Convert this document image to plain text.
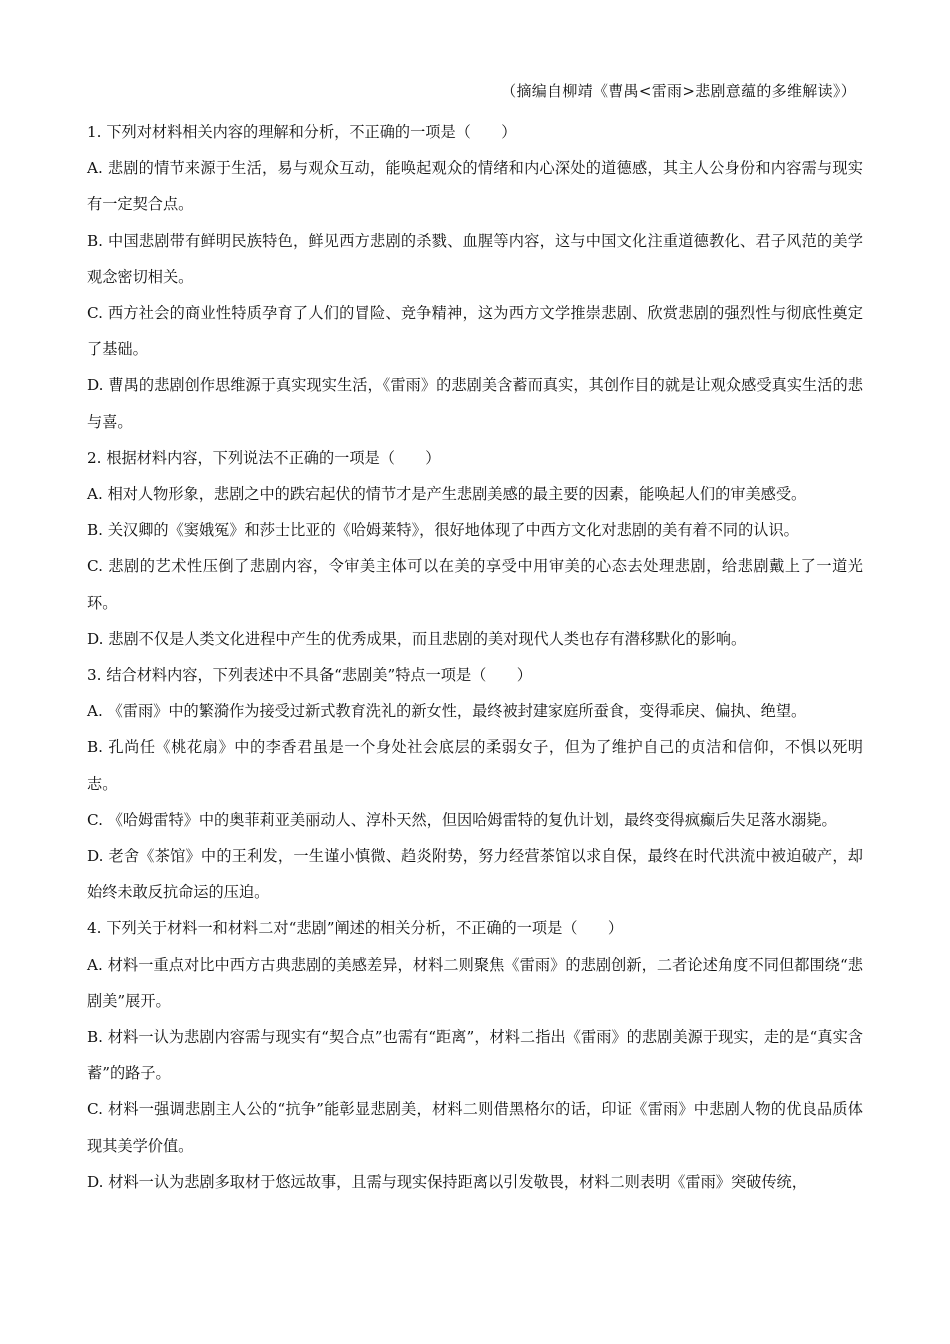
（摘编自柳靖《曹禺<雷雨>悲剧意蕴的多维解读》）

1. 下列对材料相关内容的理解和分析，不正确的一项是（　　）

A. 悲剧的情节来源于生活，易与观众互动，能唤起观众的情绪和内心深处的道德感，其主人公身份和内容需与现实有一定契合点。

B. 中国悲剧带有鲜明民族特色，鲜见西方悲剧的杀戮、血腥等内容，这与中国文化注重道德教化、君子风范的美学观念密切相关。

C. 西方社会的商业性特质孕育了人们的冒险、竞争精神，这为西方文学推崇悲剧、欣赏悲剧的强烈性与彻底性奠定了基础。

D. 曹禺的悲剧创作思维源于真实现实生活，《雷雨》的悲剧美含蓄而真实，其创作目的就是让观众感受真实生活的悲与喜。

2. 根据材料内容，下列说法不正确的一项是（　　）

A. 相对人物形象，悲剧之中的跌宕起伏的情节才是产生悲剧美感的最主要的因素，能唤起人们的审美感受。

B. 关汉卿的《窦娥冤》和莎士比亚的《哈姆莱特》，很好地体现了中西方文化对悲剧的美有着不同的认识。

C. 悲剧的艺术性压倒了悲剧内容，令审美主体可以在美的享受中用审美的心态去处理悲剧，给悲剧戴上了一道光环。

D. 悲剧不仅是人类文化进程中产生的优秀成果，而且悲剧的美对现代人类也存有潜移默化的影响。

3. 结合材料内容，下列表述中不具备“悲剧美”特点一项是（　　）

A. 《雷雨》中的繁漪作为接受过新式教育洗礼的新女性，最终被封建家庭所蚕食，变得乖戾、偏执、绝望。

B. 孔尚任《桃花扇》中的李香君虽是一个身处社会底层的柔弱女子，但为了维护自己的贞洁和信仰，不惧以死明志。

C. 《哈姆雷特》中的奥菲莉亚美丽动人、淳朴天然，但因哈姆雷特的复仇计划，最终变得疯癫后失足落水溺毙。

D. 老舍《茶馆》中的王利发，一生谨小慎微、趋炎附势，努力经营茶馆以求自保，最终在时代洪流中被迫破产，却始终未敢反抗命运的压迫。

4. 下列关于材料一和材料二对“悲剧”阐述的相关分析，不正确的一项是（　　）

A. 材料一重点对比中西方古典悲剧的美感差异，材料二则聚焦《雷雨》的悲剧创新，二者论述角度不同但都围绕“悲剧美”展开。

B. 材料一认为悲剧内容需与现实有“契合点”也需有“距离”，材料二指出《雷雨》的悲剧美源于现实，走的是“真实含蓄”的路子。

C. 材料一强调悲剧主人公的“抗争”能彰显悲剧美，材料二则借黑格尔的话，印证《雷雨》中悲剧人物的优良品质体现其美学价值。

D. 材料一认为悲剧多取材于悠远故事，且需与现实保持距离以引发敬畏，材料二则表明《雷雨》突破传统，
